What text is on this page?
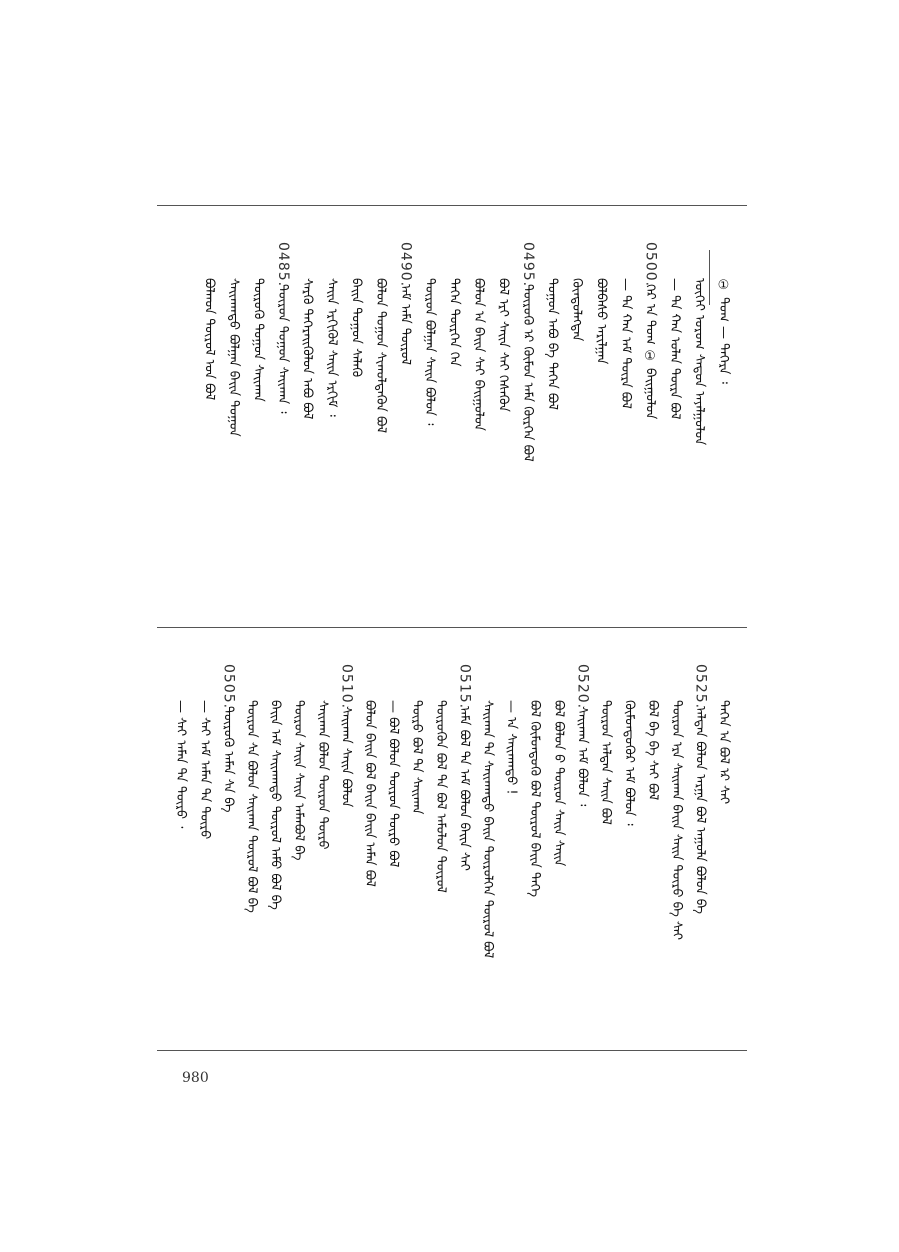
① ᠳᠤᠭ᠋ — ᠳᠡᠭᠡᠷᠡ ᠄
ᠦᠭᠡᠢ ᠤᠷᠤᠭ ᠰᠠᠳᠤᠨ ᠠᠶᠠᠯᠭᠤᠯᠤᠨ
— ᠲᠡ ᠬᠠᠨ ᠣᠯᠠᠨ ᠲᠦᠷᠡ ᠪᠣᠯ
0500.
ᠭᠡᠷ ᠡᠨ ᠳᠤᠭ ① ᠪᠠᠢᠭᠤᠯᠤᠨ
— ᠲᠡ ᠬᠠᠨ ᠠᠮ ᠲᠦᠷᠡ ᠪᠣᠯ
ᠪᠣᠯᠪᠠᠰᠤ ᠠᠷᠢᠯᠭᠠᠨ
ᠬᠦᠨᠳᠦᠯᠡᠭᠳᠡᠨ
ᠲᠣᠭᠣᠨ ᠠᠪᠤ ᠪᠡ ᠲᠡᠭᠡᠨ ᠪᠣᠯ
0495.
ᠲᠦᠷᠦᠬᠦ ᠡᠷ ᠬᠦᠮᠦᠨ ᠠᠮᠠ ᠬᠦᠷᠭᠡᠨ ᠪᠣᠯ
ᠪᠣᠯ ᠡᠷᠢ ᠰᠠᠢᠨ ᠰᠠᠢ ᠬᠡᠰᠡᠭᠦᠨ
ᠪᠣᠯᠣᠨ ᠡᠨ ᠪᠠᠢᠨ ᠰᠠᠢ ᠪᠠᠢᠭᠤᠯᠤᠨ
ᠲᠡᠭᠡᠨ ᠲᠦᠷᠭᠡᠨ ᠬᠡᠨ
ᠲᠦᠷᠦᠨ ᠪᠣᠯᠭᠠᠨ ᠰᠠᠢᠨ ᠪᠣᠯᠣᠨ ᠄
0490.
ᠠᠮ ᠠᠮᠠ ᠲᠦᠷᠦᠯ
ᠪᠣᠯᠣᠨ ᠲᠣᠭᠣᠨ ᠰᠢᠬᠤᠯᠳᠡᠭᠦᠨ ᠪᠣᠯ
ᠪᠠᠢᠨ ᠲᠣᠭᠣᠨ ᠰᠡᠯᠡᠭᠦ
ᠰᠠᠢᠨ ᠡᠷᠭᠢᠭᠦᠯ ᠰᠠᠢᠨ ᠡᠷᠬᠢᠮ ᠄
ᠰᠡᠷᠭᠦ ᠲᠡᠭᠡᠷᠡᠢᠭᠦᠯᠦᠨ ᠠᠪᠤ ᠪᠣᠯ
0485.
ᠲᠦᠷᠦᠨ ᠲᠣᠭᠣᠨ ᠰᠠᠢᠬᠠᠨ ᠄
ᠲᠦᠷᠦᠭᠦ ᠲᠣᠭᠣᠨ ᠰᠠᠢᠬᠠᠨ
ᠰᠠᠢᠬᠠᠨᠳᠤ ᠪᠣᠯᠭᠠᠨ ᠪᠠᠢᠨ ᠲᠣᠭᠣᠨ
ᠪᠣᠯᠬᠣᠨ ᠲᠦᠷᠦᠯ ᠤᠨ ᠪᠣᠯ
ᠲᠡᠭᠡᠨ ᠡᠨ ᠪᠣᠯ ᠡᠷ ᠰᠠᠢ
0525.
ᠠᠯᠲᠠᠨ ᠪᠣᠯᠣᠨ ᠠᠷᠭᠠ ᠪᠣᠯ ᠠᠭᠤᠯᠠ ᠪᠣᠯᠣᠨ ᠪᠠ
ᠲᠦᠷᠦᠨ ᠡᠷᠡ ᠰᠠᠢᠬᠠᠨ ᠪᠠᠢᠨ ᠰᠠᠢᠨ ᠲᠦᠷᠦ ᠪᠠ ᠰᠠᠢ
ᠪᠣᠯ ᠪᠠ ᠪᠠ ᠰᠠᠢ ᠪᠣᠯ
ᠬᠦᠮᠦᠨᠳᠦᠭᠦᠷ ᠠᠮ ᠪᠣᠯᠣᠨ ᠄
ᠲᠦᠷᠦᠨ ᠠᠯᠲᠠᠨ ᠰᠠᠢᠨ ᠪᠣᠯ
0520.
ᠰᠠᠢᠬᠠᠨ ᠠᠮ ᠪᠣᠯᠣᠨ ᠄
ᠪᠣᠯ ᠪᠣᠯᠣᠨ ᠪ ᠲᠦᠷᠦᠨ ᠰᠠᠢᠨ ᠰᠠᠢᠨ
ᠪᠣᠯ ᠬᠦᠮᠦᠨᠳᠦᠭᠦ ᠪᠣᠯ ᠲᠦᠷᠦᠯ ᠪᠠᠢᠨ ᠲᠡᠭᠡ
— ᠡᠨ ᠰᠠᠢᠬᠠᠨᠳᠤ !
ᠰᠠᠢᠬᠠᠨ ᠲᠡ ᠰᠠᠢᠬᠠᠨᠳᠤ ᠪᠠᠢᠨ ᠲᠦᠷᠦᠯᠬᠡᠨ ᠲᠦᠷᠦᠯ ᠪᠣᠯ
0515.
ᠠᠮᠠ ᠪᠣᠯ ᠲᠡ ᠠᠮ ᠪᠣᠯᠣᠨ ᠪᠠᠢᠨ ᠰᠠᠢ
ᠲᠦᠷᠦᠬᠦᠨ ᠪᠣᠯ ᠲᠡ ᠪᠣᠯ ᠠᠮᠤᠯᠤᠨ ᠲᠦᠷᠦᠯ
ᠲᠦᠷᠦ ᠪᠣᠯ ᠲᠡ ᠰᠠᠢᠬᠠᠨ
— ᠪᠣᠯ ᠪᠣᠯᠣᠨ ᠲᠦᠷᠦᠨ ᠲᠦᠷᠦ ᠪᠣᠯ
ᠪᠣᠯᠣᠨ ᠪᠠᠢᠨ ᠪᠣᠯ ᠪᠠᠢᠨ ᠪᠠᠢᠨ ᠠᠮᠠᠨ ᠪᠣᠯ
0510.
ᠰᠠᠢᠬᠠᠨ ᠰᠠᠢᠨ ᠪᠣᠯᠣᠨ
ᠰᠠᠢᠬᠠᠨ ᠪᠣᠯᠣᠨ ᠲᠦᠷᠦᠨ ᠲᠦᠷᠦ
ᠲᠦᠷᠦᠨ ᠰᠠᠢᠨ ᠰᠠᠢᠨ ᠠᠮᠠᠨᠪᠣᠯ ᠪᠠ
ᠪᠠᠢᠨ ᠠᠮ ᠰᠠᠢᠬᠠᠨᠳᠤ ᠲᠦᠷᠦᠯ ᠠᠮᠤ ᠪᠣᠯ ᠪᠠ
ᠲᠦᠷᠦᠨ ᠰᠠ ᠪᠣᠯᠣᠨ ᠰᠠᠢᠬᠠᠨ ᠲᠦᠷᠦᠯ ᠪᠣᠯ ᠪᠠ
0505.
ᠲᠦᠷᠦᠬᠦ ᠠᠮᠠᠨ ᠰᠠ ᠪᠠ
— ᠰᠠᠢ ᠠᠮ ᠠᠮᠠᠨ ᠲᠡ ᠲᠦᠷᠦ
— ᠰᠠᠢ ᠠᠮᠠᠨ ᠲᠡ ᠲᠦᠷᠦ ᠂
980
